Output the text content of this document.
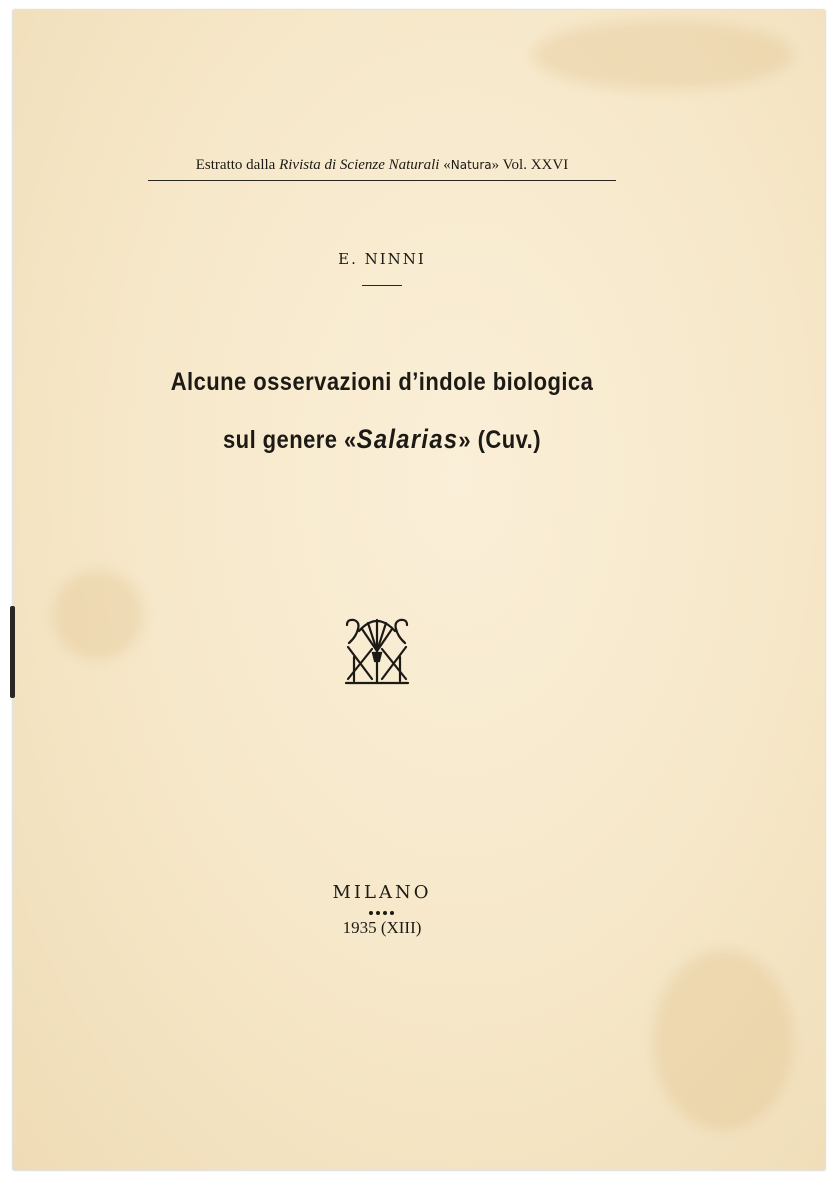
Estratto dalla Rivista di Scienze Naturali «Natura» Vol. XXVI
E. NINNI
Alcune osservazioni d’indole biologica
sul genere «Salarias» (Cuv.)
MILANO
1935 (XIII)
